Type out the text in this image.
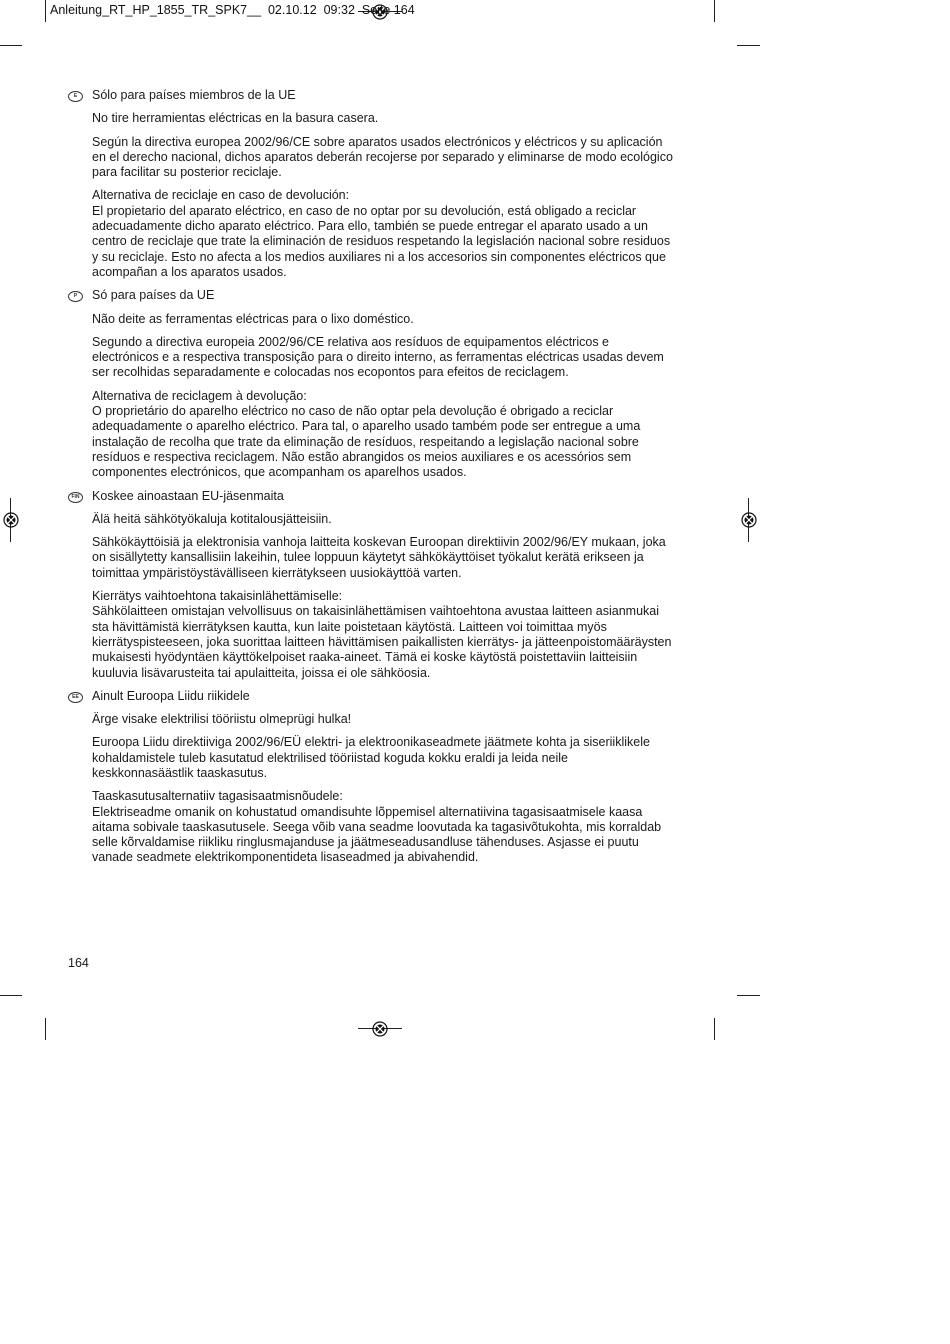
Anleitung_RT_HP_1855_TR_SPK7__ 02.10.12 09:32 Seite 164
E	Sólo para países miembros de la UE

No tire herramientas eléctricas en la basura casera.

Según la directiva europea 2002/96/CE sobre aparatos usados electrónicos y eléctricos y su aplicación
en el derecho nacional, dichos aparatos deberán recojerse por separado y eliminarse de modo ecológico
para facilitar su posterior reciclaje.

Alternativa de reciclaje en caso de devolución:
El propietario del aparato eléctrico, en caso de no optar por su devolución, está obligado a reciclar
adecuadamente dicho aparato eléctrico. Para ello, también se puede entregar el aparato usado a un
centro de reciclaje que trate la eliminación de residuos respetando la legislación nacional sobre residuos
y su reciclaje. Esto no afecta a los medios auxiliares ni a los accesorios sin componentes eléctricos que
acompañan a los aparatos usados.

P	Só para países da UE

Não deite as ferramentas eléctricas para o lixo doméstico.

Segundo a directiva europeia 2002/96/CE relativa aos resíduos de equipamentos eléctricos e
electrónicos e a respectiva transposição para o direito interno, as ferramentas eléctricas usadas devem
ser recolhidas separadamente e colocadas nos ecopontos para efeitos de reciclagem.

Alternativa de reciclagem à devolução:
O proprietário do aparelho eléctrico no caso de não optar pela devolução é obrigado a reciclar
adequadamente o aparelho eléctrico. Para tal, o aparelho usado também pode ser entregue a uma
instalação de recolha que trate da eliminação de resíduos, respeitando a legislação nacional sobre
resíduos e respectiva reciclagem. Não estão abrangidos os meios auxiliares e os acessórios sem
componentes electrónicos, que acompanham os aparelhos usados.

FIN Koskee ainoastaan EU-jäsenmaita

Älä heitä sähkötyökaluja kotitalousjätteisiin.

Sähkökäyttöisiä ja elektronisia vanhoja laitteita koskevan Euroopan direktiivin 2002/96/EY mukaan, joka
on sisällytetty kansallisiin lakeihin, tulee loppuun käytetyt sähkökäyttöiset työkalut kerätä erikseen ja
toimittaa ympäristöystävälliseen kierrätykseen uusiokäyttöä varten.

Kierrätys vaihtoehtona takaisinlähettämiselle:
Sähkölaitteen omistajan velvollisuus on takaisinlähettämisen vaihtoehtona avustaa laitteen asianmukai
sta hävittämistä kierrätyksen kautta, kun laite poistetaan käytöstä. Laitteen voi toimittaa myös
kierrätyspisteeseen, joka suorittaa laitteen hävittämisen paikallisten kierrätys- ja jätteenpoistomääräysten
mukaisesti hyödyntäen käyttökelpoiset raaka-aineet. Tämä ei koske käytöstä poistettaviin laitteisiin
kuuluvia lisävarusteita tai apulaitteita, joissa ei ole sähköosia.

EE	Ainult Euroopa Liidu riikidele

Ärge visake elektrilisi tööriistu olmeprügi hulka!

Euroopa Liidu direktiiviga 2002/96/EÜ elektri- ja elektroonikaseadmete jäätmete kohta ja siseriiklikele
kohaldamistele tuleb kasutatud elektrilised tööriistad koguda kokku eraldi ja leida neile
keskkonnasäästlik taaskasutus.

Taaskasutusalternatiiv tagasisaatmisnõudele:
Elektriseadme omanik on kohustatud omandisuhte lõppemisel alternatiivina tagasisaatmisele kaasa
aitama sobivale taaskasutusele. Seega võib vana seadme loovutada ka tagasivõtukohta, mis korraldab
selle kõrvaldamise riikliku ringlusmajanduse ja jäätmeseadusandluse tähenduses. Asjasse ei puutu
vanade seadmete elektrikomponentideta lisaseadmed ja abivahendid.

164
